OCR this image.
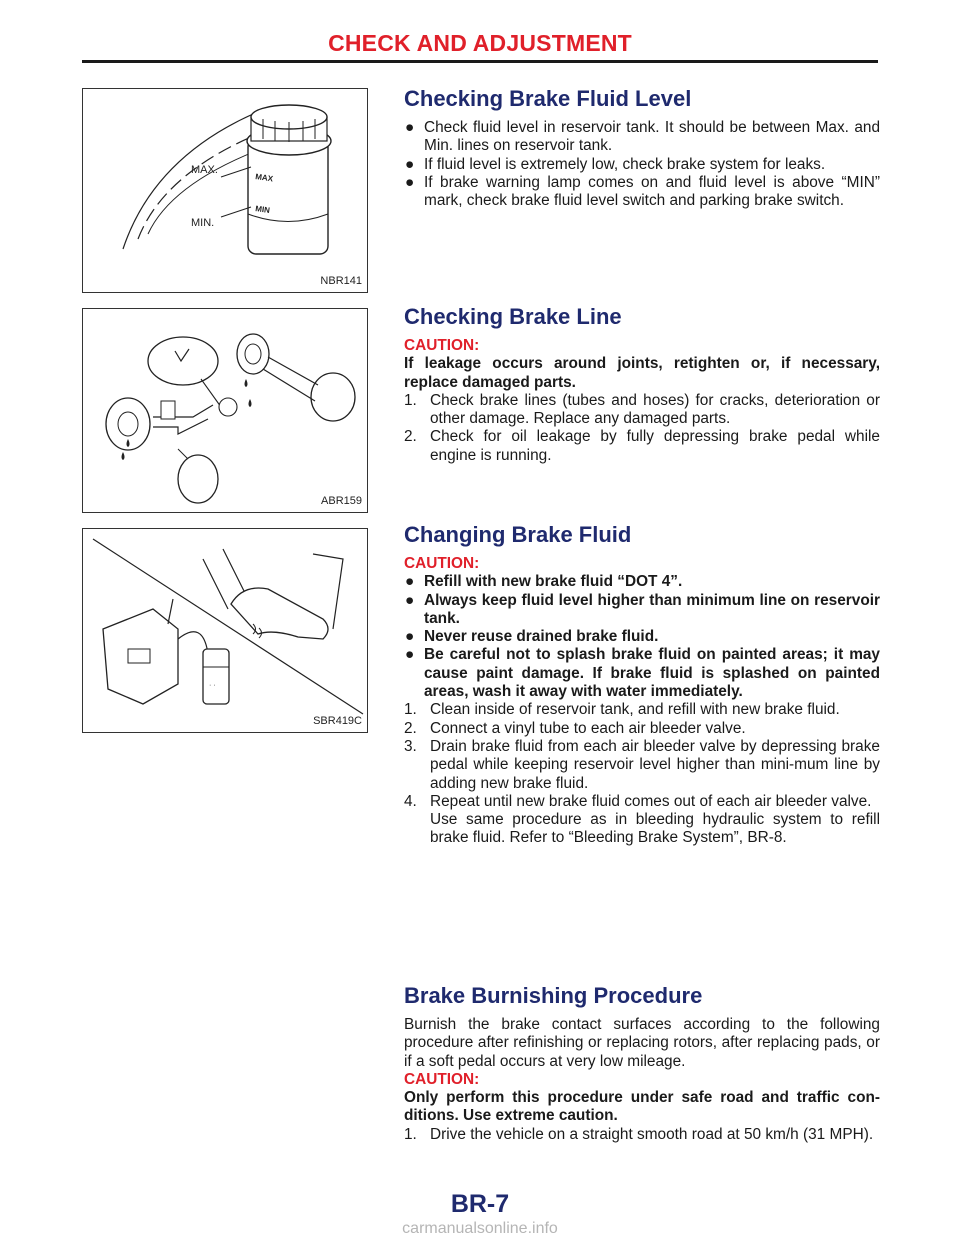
CHECK AND ADJUSTMENT
MAX.
MIN.
MAX
MIN
NBR141
ABR159
· ·
SBR419C
Checking Brake Fluid Level
● Check fluid level in reservoir tank. It should be between Max. and Min. lines on reservoir tank.
● If fluid level is extremely low, check brake system for leaks.
● If brake warning lamp comes on and fluid level is above “MIN” mark, check brake fluid level switch and parking brake switch.
Checking Brake Line

CAUTION:

If leakage occurs around joints, retighten or, if necessary, replace damaged parts.

1. Check brake lines (tubes and hoses) for cracks, deterioration or other damage. Replace any damaged parts.
2. Check for oil leakage by fully depressing brake pedal while engine is running.
Changing Brake Fluid

CAUTION:

● Refill with new brake fluid “DOT 4”.
● Always keep fluid level higher than minimum line on reservoir tank.
● Never reuse drained brake fluid.
● Be careful not to splash brake fluid on painted areas; it may cause paint damage. If brake fluid is splashed on painted areas, wash it away with water immediately.
1. Clean inside of reservoir tank, and refill with new brake fluid.
2. Connect a vinyl tube to each air bleeder valve.
3. Drain brake fluid from each air bleeder valve by depressing brake pedal while keeping reservoir level higher than mini-mum line by adding new brake fluid.
4. Repeat until new brake fluid comes out of each air bleeder valve.

Use same procedure as in bleeding hydraulic system to refill brake fluid. Refer to “Bleeding Brake System”, BR-8.

Brake Burnishing Procedure

Burnish the brake contact surfaces according to the following procedure after refinishing or replacing rotors, after replacing pads, or if a soft pedal occurs at very low mileage.

CAUTION:

Only perform this procedure under safe road and traffic con-ditions. Use extreme caution.

1. Drive the vehicle on a straight smooth road at 50 km/h (31 MPH).
BR-7
carmanualsonline.info
